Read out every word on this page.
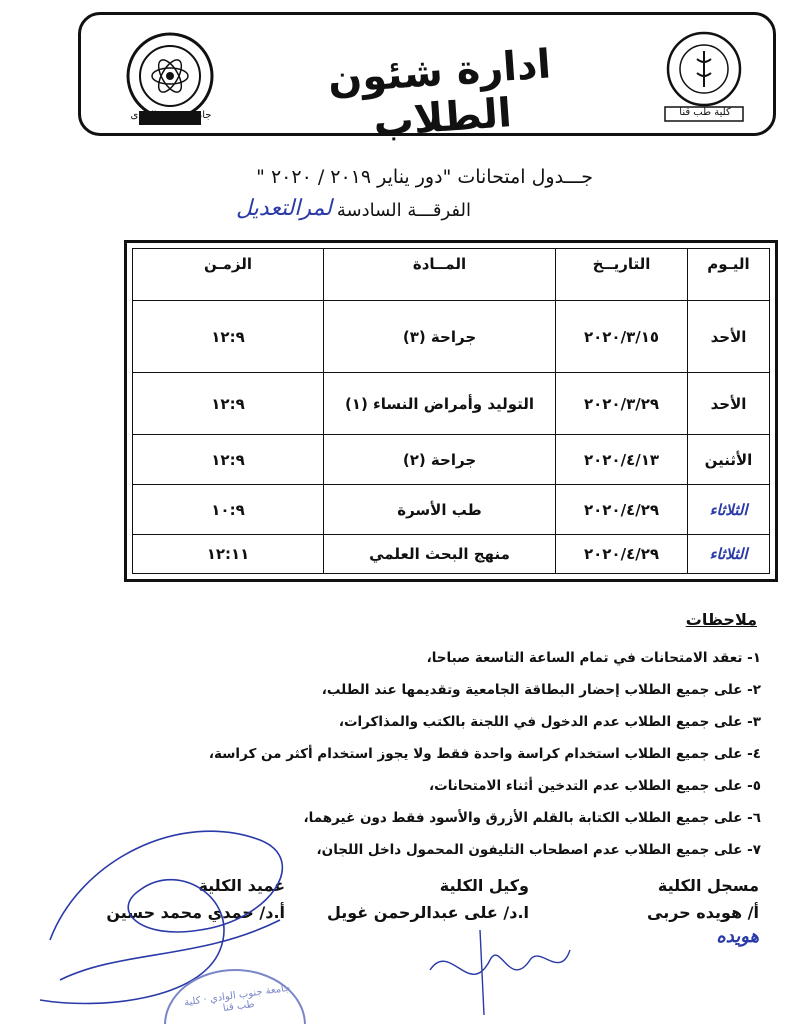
جامعة جنوب الوادى
ادارة شئون الطلاب	كلية طب قنا
جـــدول امتحانات "دور يناير ٢٠١٩ / ٢٠٢٠ "
الفرقـــة السادسة
لمرالتعديل
اليـوم	التاريــخ	المــادة	الزمـن
الأحد	٢٠٢٠/٣/١٥	جراحة (٣)	١٢:٩
الأحد	٢٠٢٠/٣/٢٩	التوليد وأمراض النساء (١)	١٢:٩
الأثنين	٢٠٢٠/٤/١٣	جراحة (٢)	١٢:٩
الثلاثاء	٢٠٢٠/٤/٢٩	طب الأسرة	١٠:٩
الثلاثاء	٢٠٢٠/٤/٢٩	منهج البحث العلمي	١٢:١١
ملاحظات
١- تعقد الامتحانات في تمام الساعة التاسعة صباحا،
٢- على جميع الطلاب إحضار البطاقة الجامعية وتقديمها عند الطلب،
٣- على جميع الطلاب عدم الدخول في اللجنة بالكتب والمذاكرات،
٤- على جميع الطلاب استخدام كراسة واحدة فقط ولا يجوز استخدام أكثر من كراسة،
٥- على جميع الطلاب عدم التدخين أثناء الامتحانات،
٦- على جميع الطلاب الكتابة بالقلم الأزرق والأسود فقط دون غيرهما،
٧- على جميع الطلاب عدم اصطحاب التليفون المحمول داخل اللجان،
مسجل الكلية
أ/ هويده حربى
هويده
وكيل الكلية
ا.د/ على عبدالرحمن غويل
عميد الكلية
أ.د/ حمدي محمد حسين
جامعة جنوب الوادي · كلية طب قنا
